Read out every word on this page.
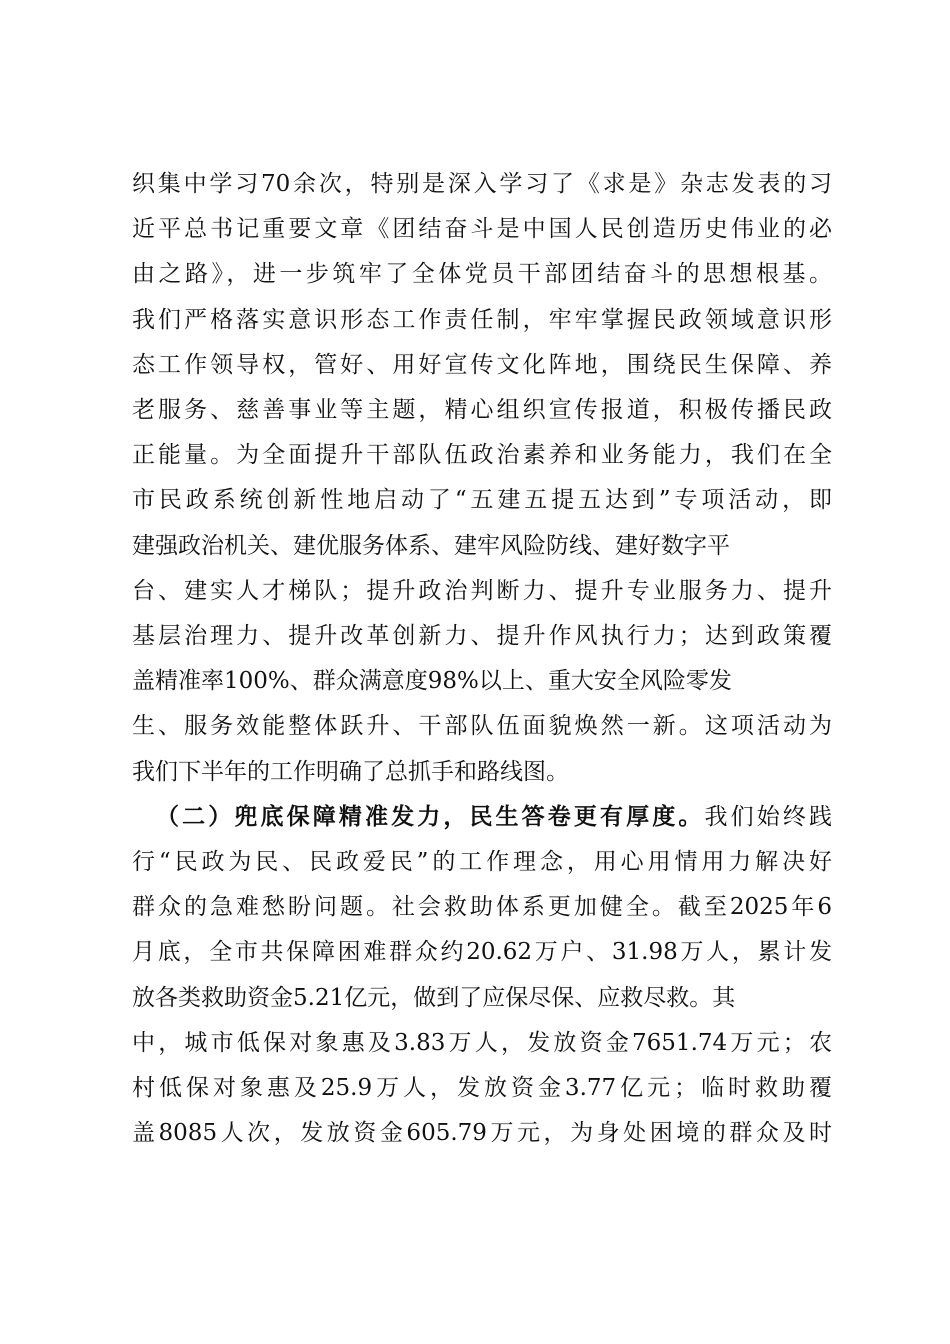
织集中学习70余次，特别是深入学习了《求是》杂志发表的习
近平总书记重要文章《团结奋斗是中国人民创造历史伟业的必
由之路》，进一步筑牢了全体党员干部团结奋斗的思想根基。
我们严格落实意识形态工作责任制，牢牢掌握民政领域意识形
态工作领导权，管好、用好宣传文化阵地，围绕民生保障、养
老服务、慈善事业等主题，精心组织宣传报道，积极传播民政
正能量。为全面提升干部队伍政治素养和业务能力，我们在全
市民政系统创新性地启动了“五建五提五达到”专项活动，即
建强政治机关、建优服务体系、建牢风险防线、建好数字平
台、建实人才梯队；提升政治判断力、提升专业服务力、提升
基层治理力、提升改革创新力、提升作风执行力；达到政策覆
盖精准率100%、群众满意度98%以上、重大安全风险零发
生、服务效能整体跃升、干部队伍面貌焕然一新。这项活动为
我们下半年的工作明确了总抓手和路线图。
（二）兜底保障精准发力，民生答卷更有厚度。我们始终践
行“民政为民、民政爱民”的工作理念，用心用情用力解决好
群众的急难愁盼问题。社会救助体系更加健全。截至2025年6
月底，全市共保障困难群众约20.62万户、31.98万人，累计发
放各类救助资金5.21亿元，做到了应保尽保、应救尽救。其
中，城市低保对象惠及3.83万人，发放资金7651.74万元；农
村低保对象惠及25.9万人，发放资金3.77亿元；临时救助覆
盖8085人次，发放资金605.79万元，为身处困境的群众及时
